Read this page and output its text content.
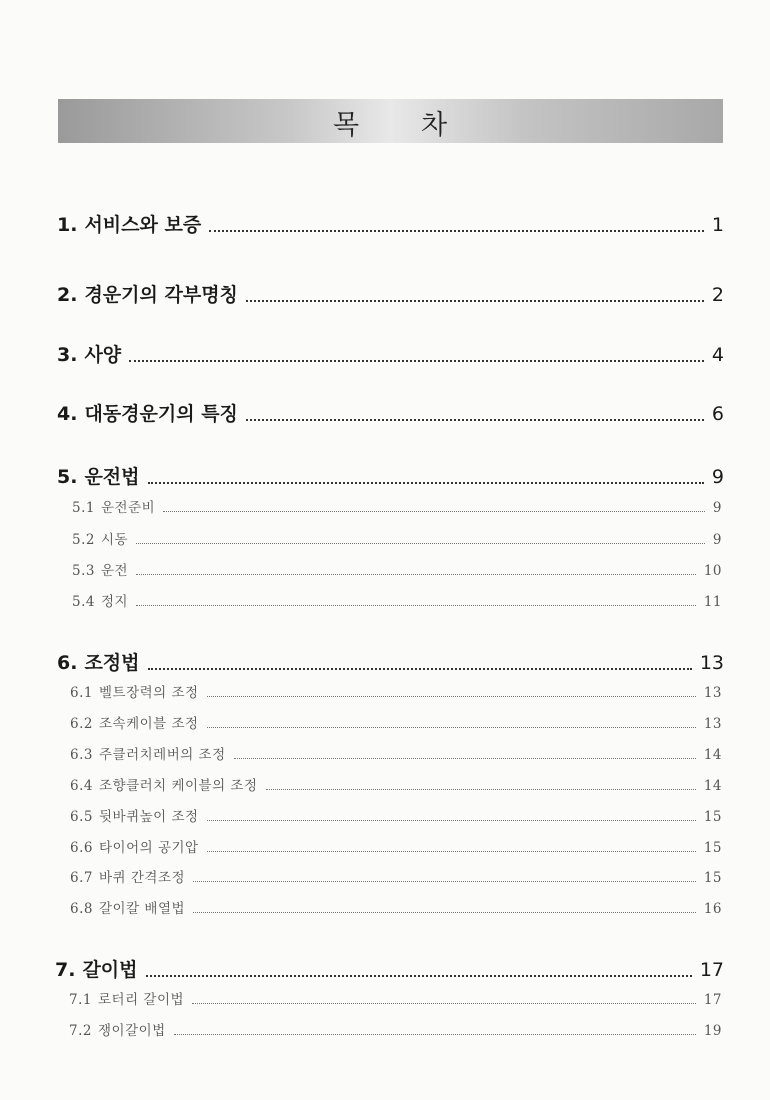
목 차
1. 서비스와 보증	1
2. 경운기의 각부명칭	2
3. 사양	4
4. 대동경운기의 특징	6
5. 운전법	9
5.1 운전준비	9
5.2 시동	9
5.3 운전	10
5.4 정지	11
6. 조정법	13
6.1 벨트장력의 조정	13
6.2 조속케이블 조정	13
6.3 주클러치레버의 조정	14
6.4 조향클러치 케이블의 조정	14
6.5 뒷바퀴높이 조정	15
6.6 타이어의 공기압	15
6.7 바퀴 간격조정	15
6.8 갈이칼 배열법	16
7. 갈이법	17
7.1 로터리 갈이법	17
7.2 쟁이갈이법	19
